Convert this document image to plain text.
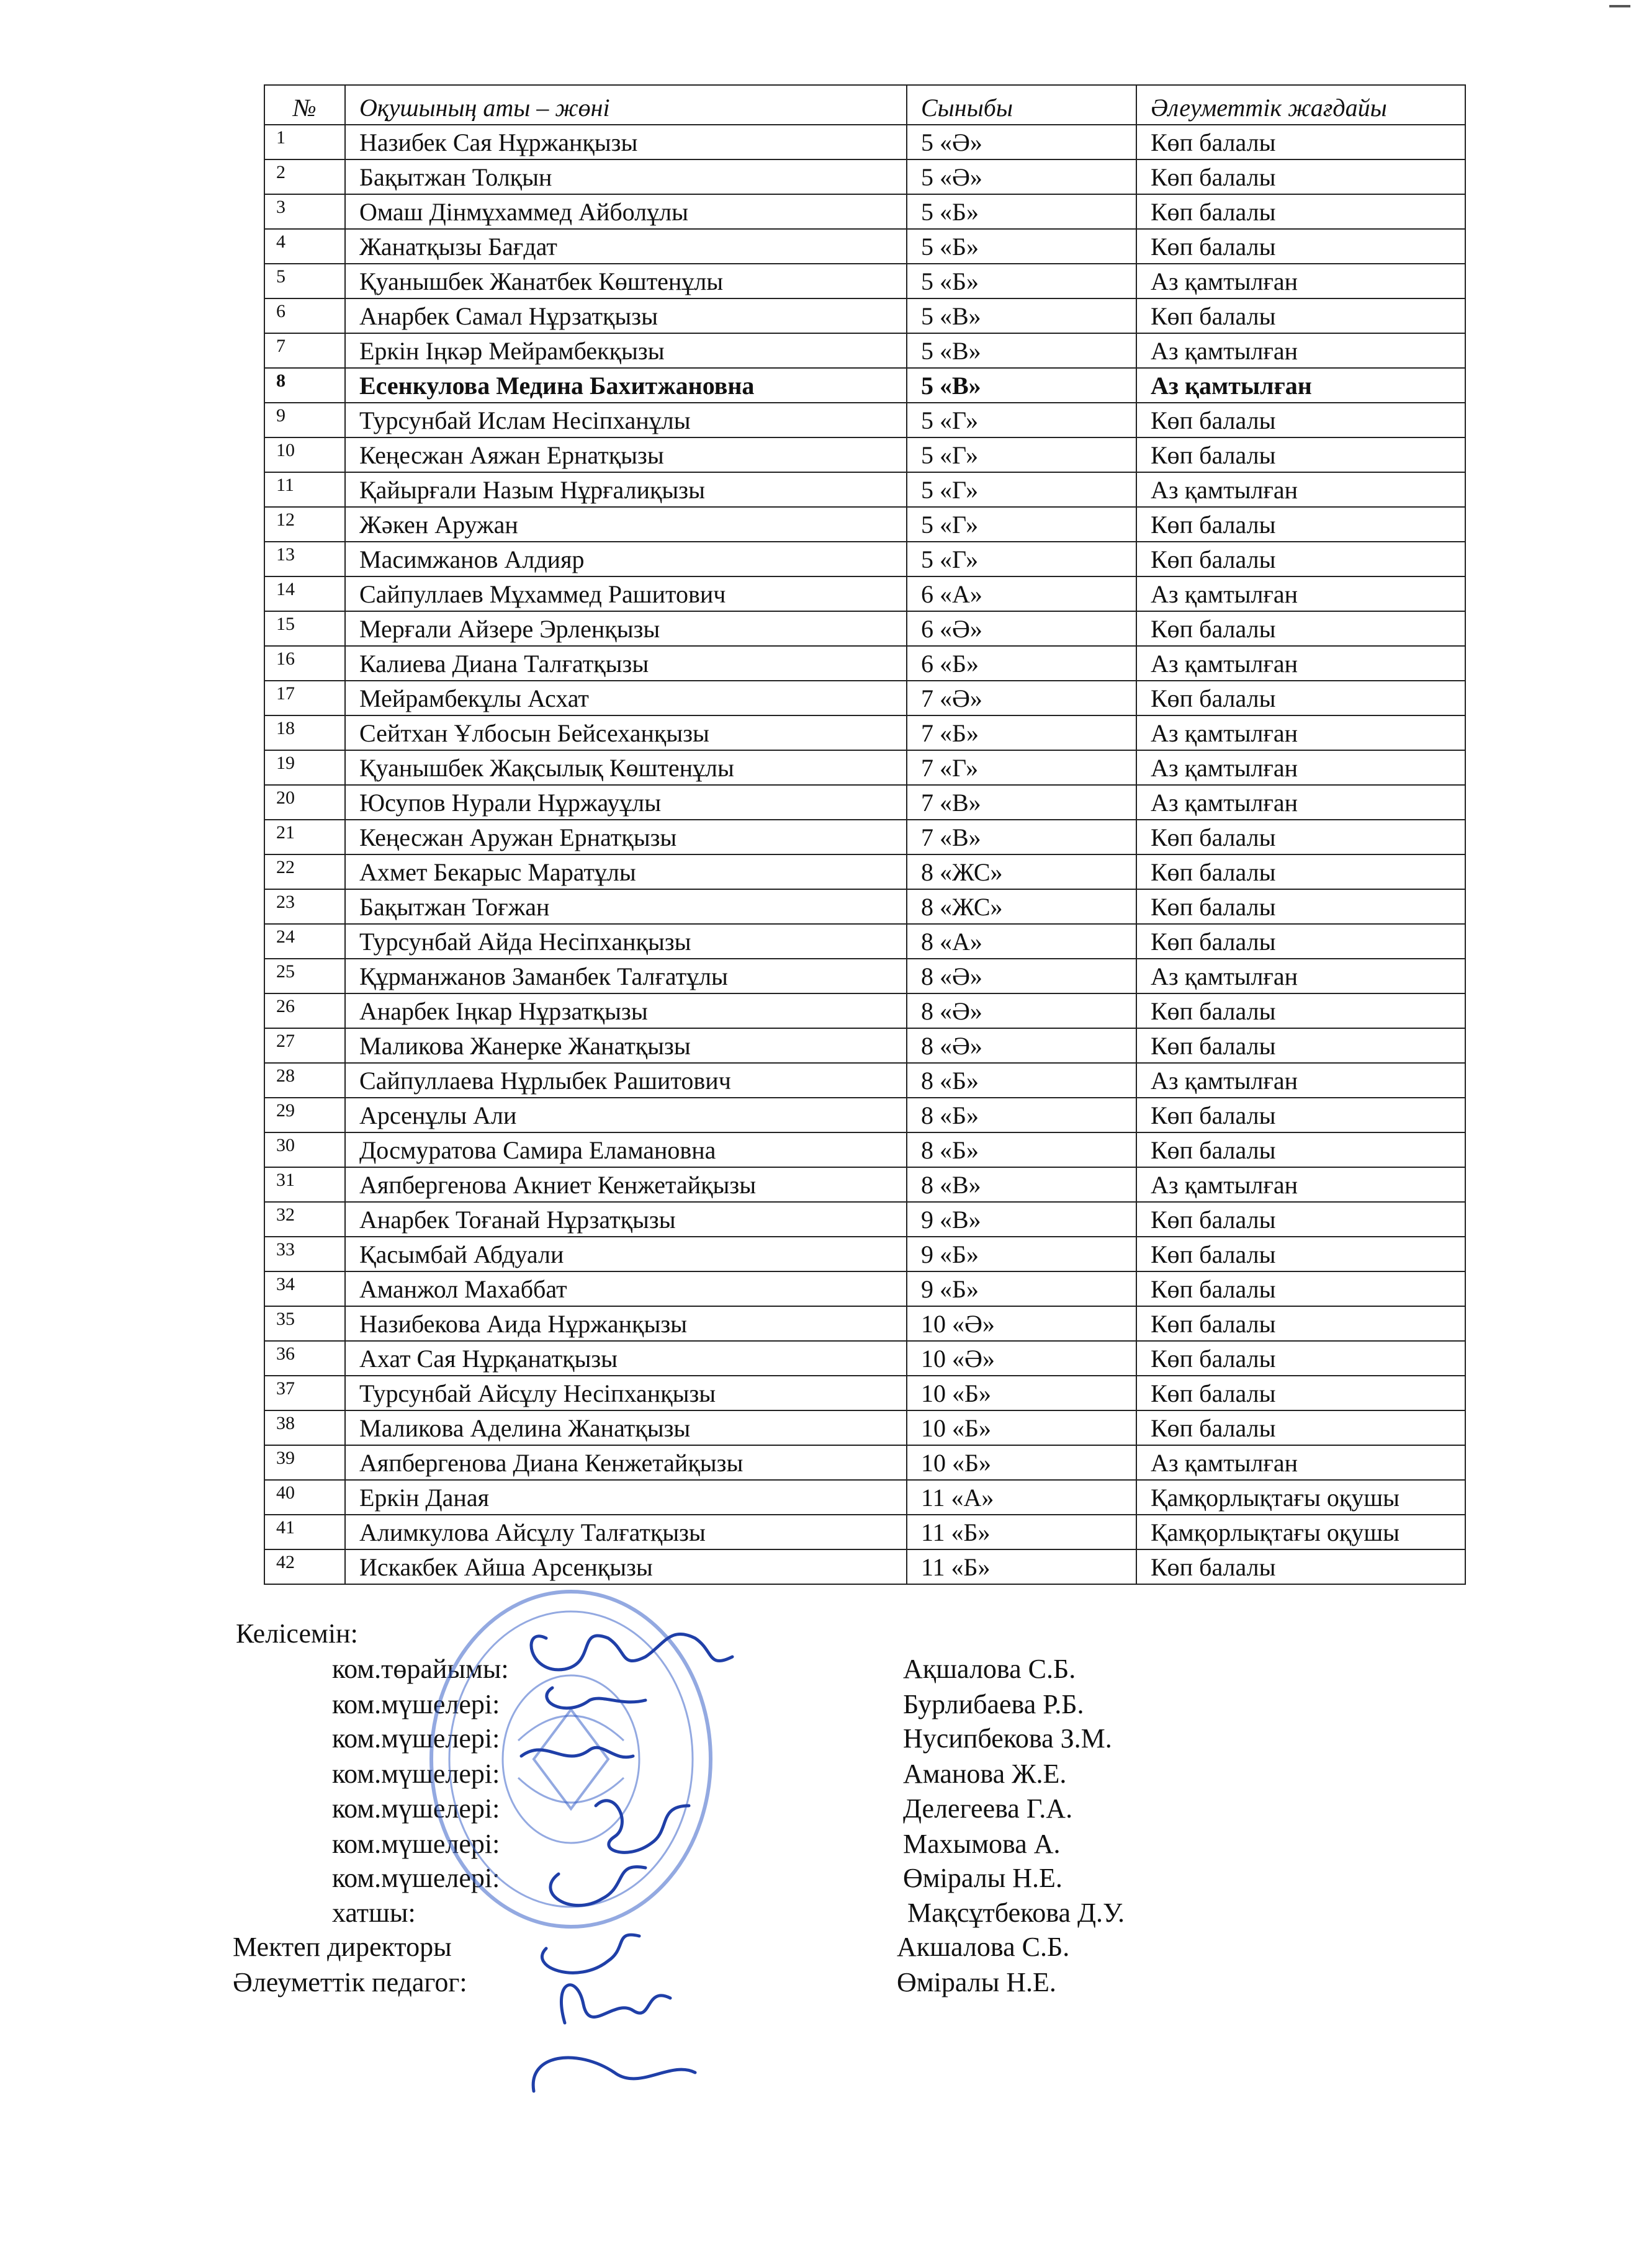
№	Оқушының аты – жөні	Сыныбы	Әлеуметтік жағдайы
1	Назибек Сая Нұржанқызы	5 «Ә»	Көп балалы
2	Бақытжан Толқын	5 «Ә»	Көп балалы
3	Омаш Дінмұхаммед Айболұлы	5 «Б»	Көп балалы
4	Жанатқызы Бағдат	5 «Б»	Көп балалы
5	Қуанышбек Жанатбек Көштенұлы	5 «Б»	Аз қамтылған
6	Анарбек Самал Нұрзатқызы	5 «В»	Көп балалы
7	Еркін Іңкәр Мейрамбекқызы	5 «В»	Аз қамтылған
8	Есенкулова Медина Бахитжановна	5 «В»	Аз қамтылған
9	Турсунбай Ислам Несіпханұлы	5 «Г»	Көп балалы
10	Кеңесжан Аяжан Ернатқызы	5 «Г»	Көп балалы
11	Қайырғали Назым Нұрғалиқызы	5 «Г»	Аз қамтылған
12	Жәкен Аружан	5 «Г»	Көп балалы
13	Масимжанов Алдияр	5 «Г»	Көп балалы
14	Сайпуллаев Мұхаммед Рашитович	6 «А»	Аз қамтылған
15	Мерғали Айзере Эрленқызы	6 «Ә»	Көп балалы
16	Калиева Диана Талғатқызы	6 «Б»	Аз қамтылған
17	Мейрамбекұлы Асхат	7 «Ә»	Көп балалы
18	Сейтхан Ұлбосын Бейсеханқызы	7 «Б»	Аз қамтылған
19	Қуанышбек Жақсылық Көштенұлы	7 «Г»	Аз қамтылған
20	Юсупов Нурали Нұржауұлы	7 «В»	Аз қамтылған
21	Кеңесжан Аружан Ернатқызы	7 «В»	Көп балалы
22	Ахмет Бекарыс Маратұлы	8 «ЖС»	Көп балалы
23	Бақытжан Тоғжан	8 «ЖС»	Көп балалы
24	Турсунбай Айда Несіпханқызы	8 «А»	Көп балалы
25	Құрманжанов Заманбек Талғатұлы	8 «Ә»	Аз қамтылған
26	Анарбек Іңкар Нұрзатқызы	8 «Ә»	Көп балалы
27	Маликова Жанерке Жанатқызы	8 «Ә»	Көп балалы
28	Сайпуллаева Нұрлыбек Рашитович	8 «Б»	Аз қамтылған
29	Арсенұлы Али	8 «Б»	Көп балалы
30	Досмуратова Самира Еламановна	8 «Б»	Көп балалы
31	Аяпбергенова Акниет Кенжетайқызы	8 «В»	Аз қамтылған
32	Анарбек Тоғанай Нұрзатқызы	9 «В»	Көп балалы
33	Қасымбай Абдуали	9 «Б»	Көп балалы
34	Аманжол Махаббат	9 «Б»	Көп балалы
35	Назибекова Аида Нұржанқызы	10 «Ә»	Көп балалы
36	Ахат Сая Нұрқанатқызы	10 «Ә»	Көп балалы
37	Турсунбай Айсұлу Несіпханқызы	10 «Б»	Көп балалы
38	Маликова Аделина Жанатқызы	10 «Б»	Көп балалы
39	Аяпбергенова Диана Кенжетайқызы	10 «Б»	Аз қамтылған
40	Еркін Даная	11 «А»	Қамқорлықтағы оқушы
41	Алимкулова Айсұлу Талғатқызы	11 «Б»	Қамқорлықтағы оқушы
42	Искакбек Айша Арсенқызы	11 «Б»	Көп балалы
Келісемін:
ком.төрайымы:	Ақшалова С.Б.
ком.мүшелері:	Бурлибаева Р.Б.
ком.мүшелері:	Нусипбекова З.М.
ком.мүшелері:	Аманова Ж.Е.
ком.мүшелері:	Делегеева Г.А.
ком.мүшелері:	Махымова А.
ком.мүшелері:	Өміралы Н.Е.
хатшы:	Мақсұтбекова Д.У.
Мектеп директоры	Акшалова С.Б.
Әлеуметтік педагог:	Өміралы Н.Е.
